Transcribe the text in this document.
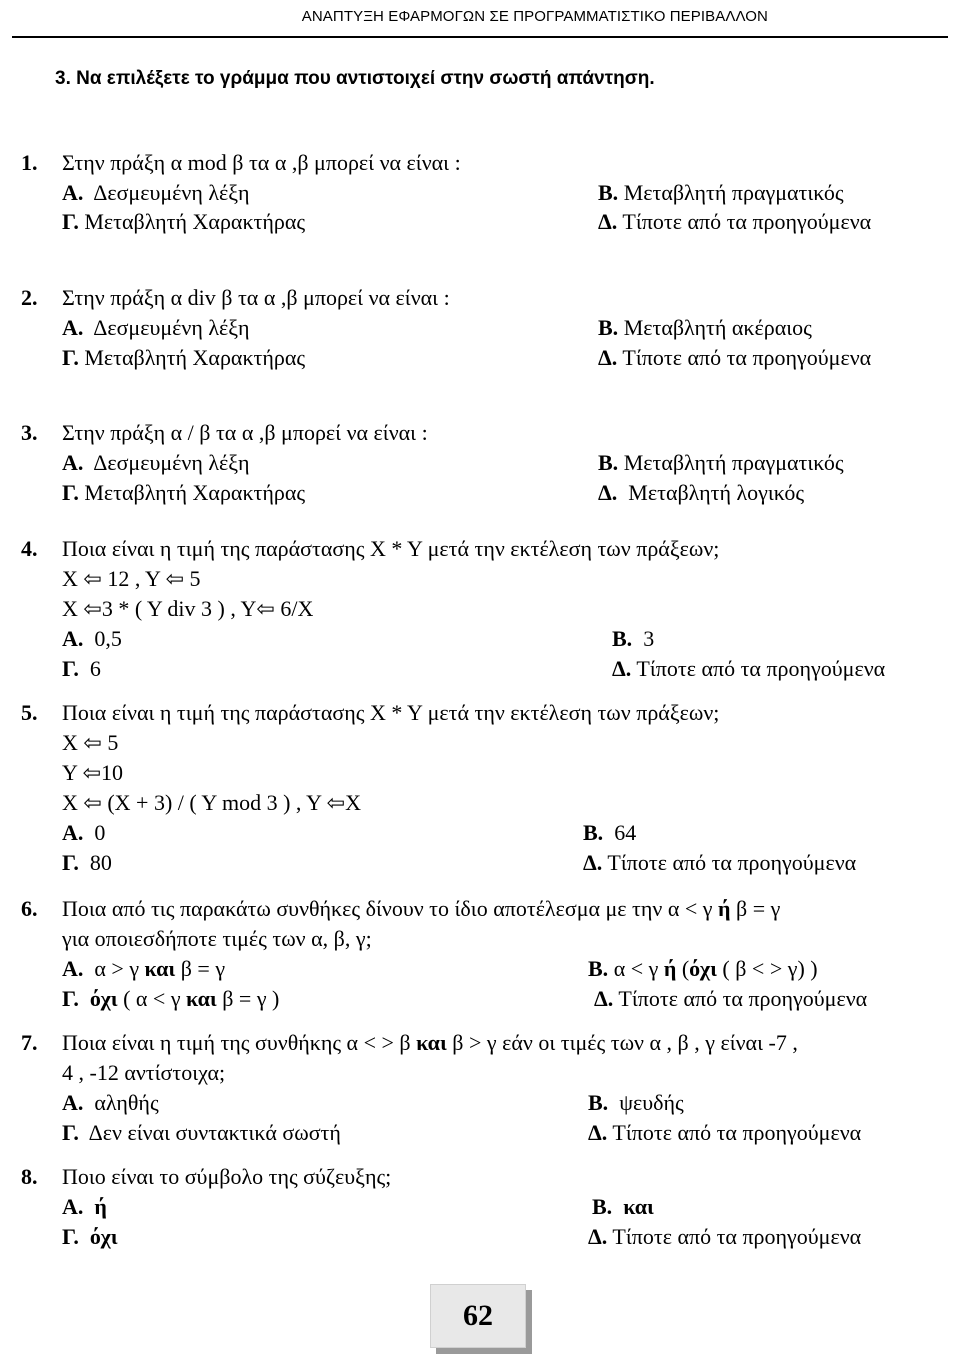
ΑΝΑΠΤΥΞΗ ΕΦΑΡΜΟΓΩΝ ΣΕ ΠΡΟΓΡΑΜΜΑΤΙΣΤΙΚΟ ΠΕΡΙΒΑΛΛΟΝ
3. Να επιλέξετε το γράμμα που αντιστοιχεί στην σωστή απάντηση.
1. Στην πράξη α mod β τα α ,β μπορεί να είναι :
Α. Δεσμευμένη λέξη	Β. Μεταβλητή πραγματικός
Γ. Μεταβλητή Χαρακτήρας	Δ. Τίποτε από τα προηγούμενα
2. Στην πράξη α div β τα α ,β μπορεί να είναι :
Α. Δεσμευμένη λέξη	Β. Μεταβλητή ακέραιος
Γ. Μεταβλητή Χαρακτήρας	Δ. Τίποτε από τα προηγούμενα
3. Στην πράξη α / β τα α ,β μπορεί να είναι :
Α. Δεσμευμένη λέξη	Β. Μεταβλητή πραγματικός
Γ. Μεταβλητή Χαρακτήρας	Δ. Μεταβλητή λογικός
4. Ποια είναι η τιμή της παράστασης Χ * Υ μετά την εκτέλεση των πράξεων;
Χ ⇦ 12 , Υ ⇦ 5
Χ ⇦3 * ( Υ div 3 ) , Υ⇦ 6/Χ
Α. 0,5	Β. 3
Γ. 6	Δ. Τίποτε από τα προηγούμενα
5. Ποια είναι η τιμή της παράστασης Χ * Υ μετά την εκτέλεση των πράξεων;
Χ ⇦ 5
Υ ⇦10
Χ ⇦ (Χ + 3) / ( Υ mod 3 ) , Υ ⇦Χ
Α. 0	Β. 64
Γ. 80	Δ. Τίποτε από τα προηγούμενα
6. Ποια από τις παρακάτω συνθήκες δίνουν το ίδιο αποτέλεσμα με την α < γ ή β = γ
για οποιεσδήποτε τιμές των α, β, γ;
Α. α > γ και β = γ	Β. α < γ ή (όχι ( β < > γ) )
Γ. όχι ( α < γ και β = γ )	Δ. Τίποτε από τα προηγούμενα
7. Ποια είναι η τιμή της συνθήκης α < > β και β > γ εάν οι τιμές των α , β , γ είναι -7 ,
4 , -12 αντίστοιχα;
Α. αληθής	Β. ψευδής
Γ. Δεν είναι συντακτικά σωστή	Δ. Τίποτε από τα προηγούμενα
8. Ποιο είναι το σύμβολο της σύζευξης;
Α. ή	Β. και
Γ. όχι	Δ. Τίποτε από τα προηγούμενα
62
